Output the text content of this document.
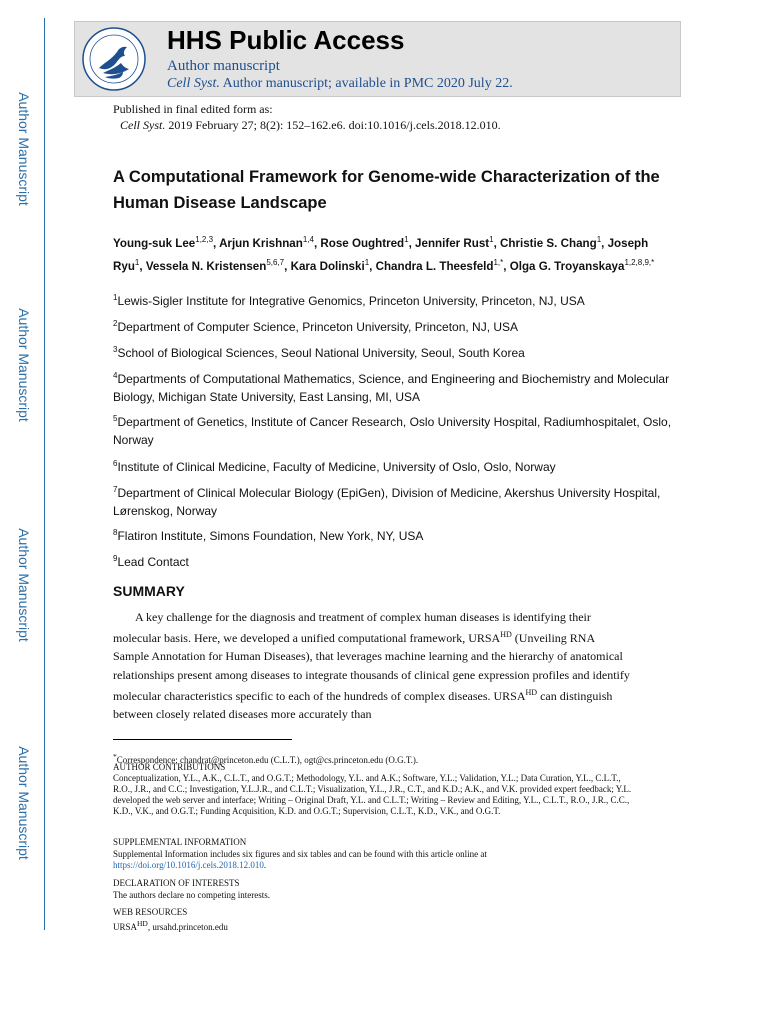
Author Manuscript
Author Manuscript
Author Manuscript
Author Manuscript
HHS Public Access
Author manuscript
Cell Syst. Author manuscript; available in PMC 2020 July 22.
Published in final edited form as:
Cell Syst. 2019 February 27; 8(2): 152–162.e6. doi:10.1016/j.cels.2018.12.010.
A Computational Framework for Genome-wide Characterization of the Human Disease Landscape
Young-suk Lee$^{1,2,3}$, Arjun Krishnan$^{1,4}$, Rose Oughtred$^1$, Jennifer Rust$^1$, Christie S. Chang$^1$, Joseph Ryu$^1$, Vessela N. Kristensen$^{5,6,7}$, Kara Dolinski$^1$, Chandra L. Theesfeld$^{1,*}$, Olga G. Troyanskaya$^{1,2,8,9,*}$
$^1$Lewis-Sigler Institute for Integrative Genomics, Princeton University, Princeton, NJ, USA
$^2$Department of Computer Science, Princeton University, Princeton, NJ, USA
$^3$School of Biological Sciences, Seoul National University, Seoul, South Korea
$^4$Departments of Computational Mathematics, Science, and Engineering and Biochemistry and Molecular Biology, Michigan State University, East Lansing, MI, USA
$^5$Department of Genetics, Institute of Cancer Research, Oslo University Hospital, Radiumhospitalet, Oslo, Norway
$^6$Institute of Clinical Medicine, Faculty of Medicine, University of Oslo, Oslo, Norway
$^7$Department of Clinical Molecular Biology (EpiGen), Division of Medicine, Akershus University Hospital, Lørenskog, Norway
$^8$Flatiron Institute, Simons Foundation, New York, NY, USA
$^9$Lead Contact
SUMMARY
A key challenge for the diagnosis and treatment of complex human diseases is identifying their molecular basis. Here, we developed a unified computational framework, $URSA^{HD}$ (Unveiling RNA Sample Annotation for Human Diseases), that leverages machine learning and the hierarchy of anatomical relationships present among diseases to integrate thousands of clinical gene expression profiles and identify molecular characteristics specific to each of the hundreds of complex diseases. $URSA^{HD}$ can distinguish between closely related diseases more accurately than
*Correspondence: chandrat@princeton.edu (C.L.T.), ogt@cs.princeton.edu (O.G.T.).
AUTHOR CONTRIBUTIONS
Conceptualization, Y.L., A.K., C.L.T., and O.G.T.; Methodology, Y.L. and A.K.; Software, Y.L.; Validation, Y.L.; Data Curation, Y.L., C.L.T., R.O., J.R., and C.C.; Investigation, Y.L.J.R., and C.L.T.; Visualization, Y.L., J.R., C.T., and K.D.; A.K., and V.K. provided expert feedback; Y.L. developed the web server and interface; Writing – Original Draft, Y.L. and C.L.T.; Writing – Review and Editing, Y.L., C.L.T., R.O., J.R., C.C., K.D., V.K., and O.G.T.; Funding Acquisition, K.D. and O.G.T.; Supervision, C.L.T., K.D., V.K., and O.G.T.
SUPPLEMENTAL INFORMATION
Supplemental Information includes six figures and six tables and can be found with this article online at https://doi.org/10.1016/j.cels.2018.12.010.
DECLARATION OF INTERESTS
The authors declare no competing interests.
WEB RESOURCES
$URSA^{HD}$, ursahd.princeton.edu
